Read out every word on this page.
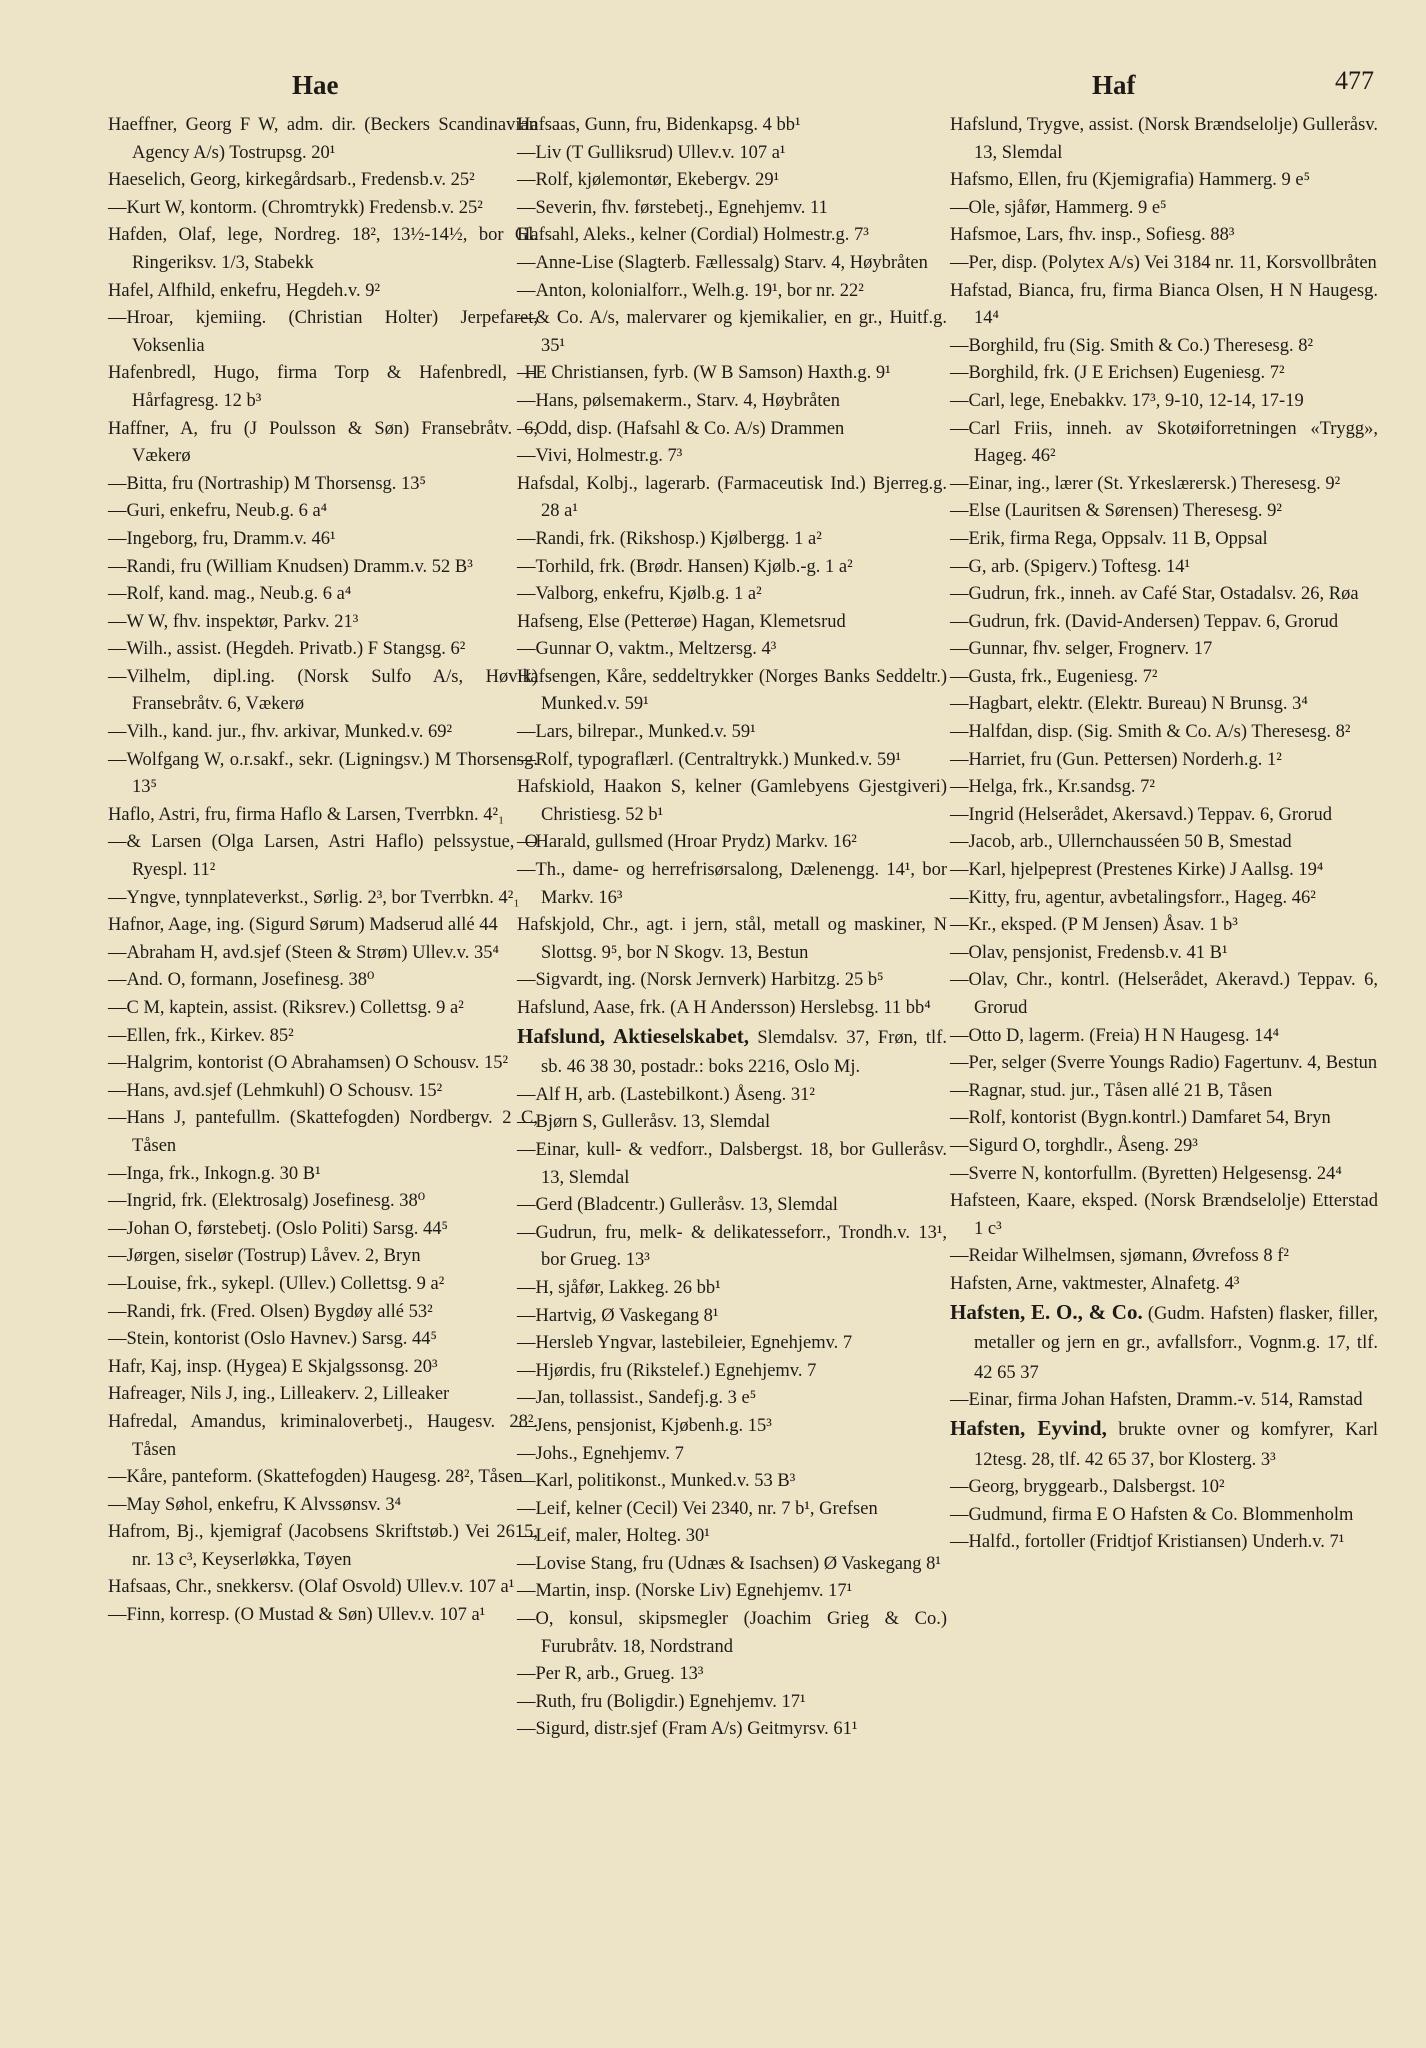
Hae	Haf	477

Haeffner, Georg F W, adm. dir. (Beckers Scandinavian Agency A/s) Tostrupsg. 20¹

Haeselich, Georg, kirkegårdsarb., Fredensb.v. 25²

—Kurt W, kontorm. (Chromtrykk) Fredensb.v. 25²

Hafden, Olaf, lege, Nordreg. 18², 13½-14½, bor Gl. Ringeriksv. 1/3, Stabekk

Hafel, Alfhild, enkefru, Hegdeh.v. 9²

—Hroar, kjemiing. (Christian Holter) Jerpefaret, Voksenlia

Hafenbredl, Hugo, firma Torp & Hafenbredl, H Hårfagresg. 12 b³

Haffner, A, fru (J Poulsson & Søn) Fransebråtv. 6, Vækerø

—Bitta, fru (Nortraship) M Thorsensg. 13⁵

—Guri, enkefru, Neub.g. 6 a⁴

—Ingeborg, fru, Dramm.v. 46¹

—Randi, fru (William Knudsen) Dramm.v. 52 B³

—Rolf, kand. mag., Neub.g. 6 a⁴

—W W, fhv. inspektør, Parkv. 21³

—Wilh., assist. (Hegdeh. Privatb.) F Stangsg. 6²

—Vilhelm, dipl.ing. (Norsk Sulfo A/s, Høvik) Fransebråtv. 6, Vækerø

—Vilh., kand. jur., fhv. arkivar, Munked.v. 69²

—Wolfgang W, o.r.sakf., sekr. (Ligningsv.) M Thorsensg. 13⁵

Haflo, Astri, fru, firma Haflo & Larsen, Tverrbkn. 4²₁

—& Larsen (Olga Larsen, Astri Haflo) pelssystue, O Ryespl. 11²

—Yngve, tynnplateverkst., Sørlig. 2³, bor Tverrbkn. 4²₁

Hafnor, Aage, ing. (Sigurd Sørum) Madserud allé 44

—Abraham H, avd.sjef (Steen & Strøm) Ullev.v. 35⁴

—And. O, formann, Josefinesg. 38⁰

—C M, kaptein, assist. (Riksrev.) Collettsg. 9 a²

—Ellen, frk., Kirkev. 85²

—Halgrim, kontorist (O Abrahamsen) O Schousv. 15²

—Hans, avd.sjef (Lehmkuhl) O Schousv. 15²

—Hans J, pantefullm. (Skattefogden) Nordbergv. 2 C, Tåsen

—Inga, frk., Inkogn.g. 30 B¹

—Ingrid, frk. (Elektrosalg) Josefinesg. 38⁰

—Johan O, førstebetj. (Oslo Politi) Sarsg. 44⁵

—Jørgen, siselør (Tostrup) Låvev. 2, Bryn

—Louise, frk., sykepl. (Ullev.) Collettsg. 9 a²

—Randi, frk. (Fred. Olsen) Bygdøy allé 53²

—Stein, kontorist (Oslo Havnev.) Sarsg. 44⁵

Hafr, Kaj, insp. (Hygea) E Skjalgssonsg. 20³

Hafreager, Nils J, ing., Lilleakerv. 2, Lilleaker

Hafredal, Amandus, kriminaloverbetj., Haugesv. 28². Tåsen

—Kåre, panteform. (Skattefogden) Haugesg. 28², Tåsen

—May Søhol, enkefru, K Alvssønsv. 3⁴

Hafrom, Bj., kjemigraf (Jacobsens Skriftstøb.) Vei 2615, nr. 13 c³, Keyserløkka, Tøyen

Hafsaas, Chr., snekkersv. (Olaf Osvold) Ullev.v. 107 a¹

—Finn, korresp. (O Mustad & Søn) Ullev.v. 107 a¹

Hafsaas, Gunn, fru, Bidenkapsg. 4 bb¹

—Liv (T Gulliksrud) Ullev.v. 107 a¹

—Rolf, kjølemontør, Ekebergv. 29¹

—Severin, fhv. førstebetj., Egnehjemv. 11

Hafsahl, Aleks., kelner (Cordial) Holmestr.g. 7³

—Anne-Lise (Slagterb. Fællessalg) Starv. 4, Høybråten

—Anton, kolonialforr., Welh.g. 19¹, bor nr. 22²

—& Co. A/s, malervarer og kjemikalier, en gr., Huitf.g. 35¹

—E Christiansen, fyrb. (W B Samson) Haxth.g. 9¹

—Hans, pølsemakerm., Starv. 4, Høybråten

—Odd, disp. (Hafsahl & Co. A/s) Drammen

—Vivi, Holmestr.g. 7³

Hafsdal, Kolbj., lagerarb. (Farmaceutisk Ind.) Bjerreg.g. 28 a¹

—Randi, frk. (Rikshosp.) Kjølbergg. 1 a²

—Torhild, frk. (Brødr. Hansen) Kjølb.-g. 1 a²

—Valborg, enkefru, Kjølb.g. 1 a²

Hafseng, Else (Petterøe) Hagan, Klemetsrud

—Gunnar O, vaktm., Meltzersg. 4³

Hafsengen, Kåre, seddeltrykker (Norges Banks Seddeltr.) Munked.v. 59¹

—Lars, bilrepar., Munked.v. 59¹

—Rolf, typograflærl. (Centraltrykk.) Munked.v. 59¹

Hafskiold, Haakon S, kelner (Gamlebyens Gjestgiveri) Christiesg. 52 b¹

—Harald, gullsmed (Hroar Prydz) Markv. 16²

—Th., dame- og herrefrisørsalong, Dælenengg. 14¹, bor Markv. 16³

Hafskjold, Chr., agt. i jern, stål, metall og maskiner, N Slottsg. 9⁵, bor N Skogv. 13, Bestun

—Sigvardt, ing. (Norsk Jernverk) Harbitzg. 25 b⁵

Hafslund, Aase, frk. (A H Andersson) Herslebsg. 11 bb⁴

Hafslund, Aktieselskabet, Slemdalsv. 37, Frøn, tlf. sb. 46 38 30, postadr.: boks 2216, Oslo Mj.

—Alf H, arb. (Lastebilkont.) Åseng. 31²

—Bjørn S, Gulleråsv. 13, Slemdal

—Einar, kull- & vedforr., Dalsbergst. 18, bor Gulleråsv. 13, Slemdal

—Gerd (Bladcentr.) Gulleråsv. 13, Slemdal

—Gudrun, fru, melk- & delikatesseforr., Trondh.v. 13¹, bor Grueg. 13³

—H, sjåfør, Lakkeg. 26 bb¹

—Hartvig, Ø Vaskegang 8¹

—Hersleb Yngvar, lastebileier, Egnehjemv. 7

—Hjørdis, fru (Rikstelef.) Egnehjemv. 7

—Jan, tollassist., Sandefj.g. 3 e⁵

—Jens, pensjonist, Kjøbenh.g. 15³

—Johs., Egnehjemv. 7

—Karl, politikonst., Munked.v. 53 B³

—Leif, kelner (Cecil) Vei 2340, nr. 7 b¹, Grefsen

—Leif, maler, Holteg. 30¹

—Lovise Stang, fru (Udnæs & Isachsen) Ø Vaskegang 8¹

—Martin, insp. (Norske Liv) Egnehjemv. 17¹

—O, konsul, skipsmegler (Joachim Grieg & Co.) Furubråtv. 18, Nordstrand

—Per R, arb., Grueg. 13³

—Ruth, fru (Boligdir.) Egnehjemv. 17¹

—Sigurd, distr.sjef (Fram A/s) Geitmyrsv. 61¹

Hafslund, Trygve, assist. (Norsk Brændselolje) Gulleråsv. 13, Slemdal

Hafsmo, Ellen, fru (Kjemigrafia) Hammerg. 9 e⁵

—Ole, sjåfør, Hammerg. 9 e⁵

Hafsmoe, Lars, fhv. insp., Sofiesg. 88³

—Per, disp. (Polytex A/s) Vei 3184 nr. 11, Korsvollbråten

Hafstad, Bianca, fru, firma Bianca Olsen, H N Haugesg. 14⁴

—Borghild, fru (Sig. Smith & Co.) Theresesg. 8²

—Borghild, frk. (J E Erichsen) Eugeniesg. 7²

—Carl, lege, Enebakkv. 17³, 9-10, 12-14, 17-19

—Carl Friis, inneh. av Skotøiforretningen «Trygg», Hageg. 46²

—Einar, ing., lærer (St. Yrkeslærersk.) Theresesg. 9²

—Else (Lauritsen & Sørensen) Theresesg. 9²

—Erik, firma Rega, Oppsalv. 11 B, Oppsal

—G, arb. (Spigerv.) Toftesg. 14¹

—Gudrun, frk., inneh. av Café Star, Ostadalsv. 26, Røa

—Gudrun, frk. (David-Andersen) Teppav. 6, Grorud

—Gunnar, fhv. selger, Frognerv. 17

—Gusta, frk., Eugeniesg. 7²

—Hagbart, elektr. (Elektr. Bureau) N Brunsg. 3⁴

—Halfdan, disp. (Sig. Smith & Co. A/s) Theresesg. 8²

—Harriet, fru (Gun. Pettersen) Norderh.g. 1²

—Helga, frk., Kr.sandsg. 7²

—Ingrid (Helserådet, Akersavd.) Teppav. 6, Grorud

—Jacob, arb., Ullernchausséen 50 B, Smestad

—Karl, hjelpeprest (Prestenes Kirke) J Aallsg. 19⁴

—Kitty, fru, agentur, avbetalingsforr., Hageg. 46²

—Kr., eksped. (P M Jensen) Åsav. 1 b³

—Olav, pensjonist, Fredensb.v. 41 B¹

—Olav, Chr., kontrl. (Helserådet, Akeravd.) Teppav. 6, Grorud

—Otto D, lagerm. (Freia) H N Haugesg. 14⁴

—Per, selger (Sverre Youngs Radio) Fagertunv. 4, Bestun

—Ragnar, stud. jur., Tåsen allé 21 B, Tåsen

—Rolf, kontorist (Bygn.kontrl.) Damfaret 54, Bryn

—Sigurd O, torghdlr., Åseng. 29³

—Sverre N, kontorfullm. (Byretten) Helgesensg. 24⁴

Hafsteen, Kaare, eksped. (Norsk Brændselolje) Etterstad 1 c³

—Reidar Wilhelmsen, sjømann, Øvrefoss 8 f²

Hafsten, Arne, vaktmester, Alnafetg. 4³

Hafsten, E. O., & Co. (Gudm. Hafsten) flasker, filler, metaller og jern en gr., avfallsforr., Vognm.g. 17, tlf. 42 65 37

—Einar, firma Johan Hafsten, Dramm.-v. 514, Ramstad

Hafsten, Eyvind, brukte ovner og komfyrer, Karl 12tesg. 28, tlf. 42 65 37, bor Klosterg. 3³

—Georg, bryggearb., Dalsbergst. 10²

—Gudmund, firma E O Hafsten & Co. Blommenholm

—Halfd., fortoller (Fridtjof Kristiansen) Underh.v. 7¹
